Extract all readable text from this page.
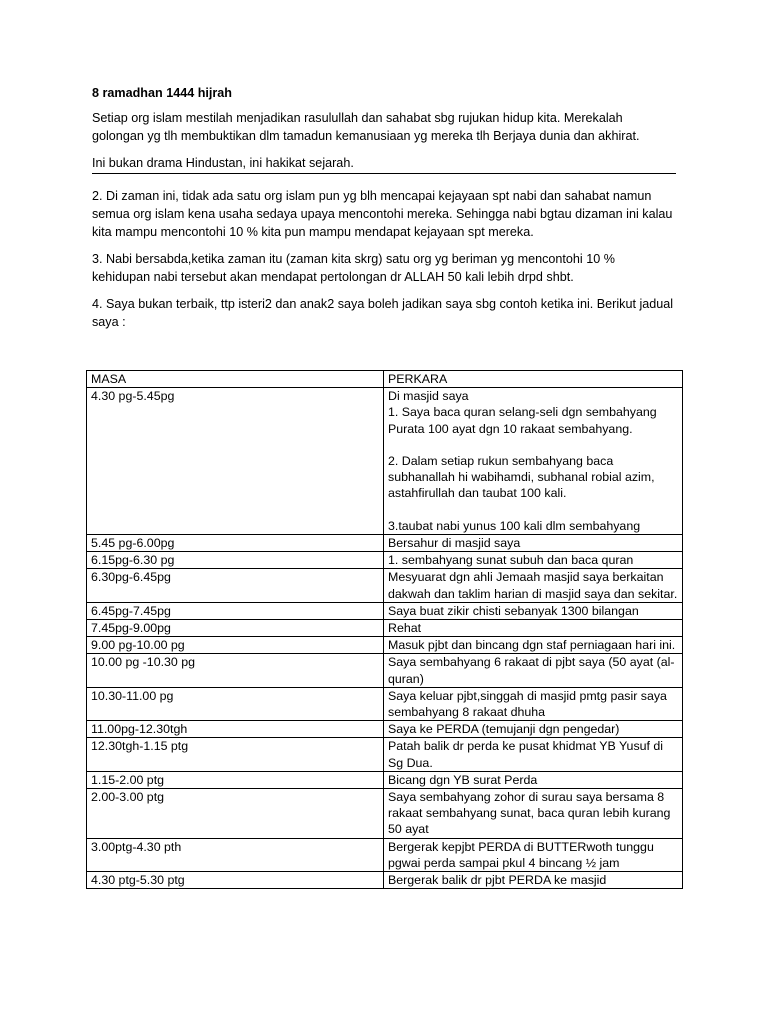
8 ramadhan 1444 hijrah
Setiap org islam mestilah menjadikan rasulullah dan sahabat sbg rujukan hidup kita. Merekalah golongan yg tlh membuktikan dlm tamadun kemanusiaan yg mereka tlh Berjaya dunia dan akhirat.
Ini bukan drama Hindustan, ini hakikat sejarah.
2. Di zaman ini, tidak ada satu org islam pun yg blh mencapai kejayaan spt nabi dan sahabat namun semua org islam kena usaha sedaya upaya mencontohi mereka. Sehingga nabi bgtau dizaman ini kalau kita mampu mencontohi 10 % kita pun mampu mendapat kejayaan spt mereka.
3. Nabi bersabda,ketika zaman itu (zaman kita skrg) satu org yg beriman yg mencontohi 10 % kehidupan nabi tersebut akan mendapat pertolongan dr ALLAH 50 kali lebih drpd shbt.
4. Saya bukan terbaik, ttp isteri2 dan anak2 saya boleh jadikan saya sbg contoh ketika ini. Berikut jadual saya :
MASA	PERKARA
4.30 pg-5.45pg	Di masjid saya
1. Saya baca quran selang-seli dgn sembahyang Purata 100 ayat dgn 10 rakaat sembahyang.
2. Dalam setiap rukun sembahyang baca subhanallah hi wabihamdi, subhanal robial azim, astahfirullah dan taubat 100 kali.
3.taubat nabi yunus 100 kali dlm sembahyang

5.45 pg-6.00pg	Bersahur di masjid saya

6.15pg-6.30 pg	1. sembahyang sunat subuh dan baca quran

6.30pg-6.45pg	Mesyuarat dgn ahli Jemaah masjid saya berkaitan dakwah dan taklim harian di masjid saya dan sekitar.

6.45pg-7.45pg	Saya buat zikir chisti sebanyak 1300 bilangan

7.45pg-9.00pg	Rehat

9.00 pg-10.00 pg	Masuk pjbt dan bincang dgn staf perniagaan hari ini.

10.00 pg -10.30 pg	Saya sembahyang 6 rakaat di pjbt saya (50 ayat (al-quran)

10.30-11.00 pg	Saya keluar pjbt,singgah di masjid pmtg pasir saya sembahyang 8 rakaat dhuha

11.00pg-12.30tgh	Saya ke PERDA (temujanji dgn pengedar)

12.30tgh-1.15 ptg	Patah balik dr perda ke pusat khidmat YB Yusuf di Sg Dua.

1.15-2.00 ptg	Bicang dgn YB surat Perda

2.00-3.00 ptg	Saya sembahyang zohor di surau saya bersama 8 rakaat sembahyang sunat, baca quran lebih kurang 50 ayat

3.00ptg-4.30 pth	Bergerak kepjbt PERDA di BUTTERwoth tunggu pgwai perda sampai pkul 4 bincang ½ jam

4.30 ptg-5.30 ptg	Bergerak balik dr pjbt PERDA ke masjid
